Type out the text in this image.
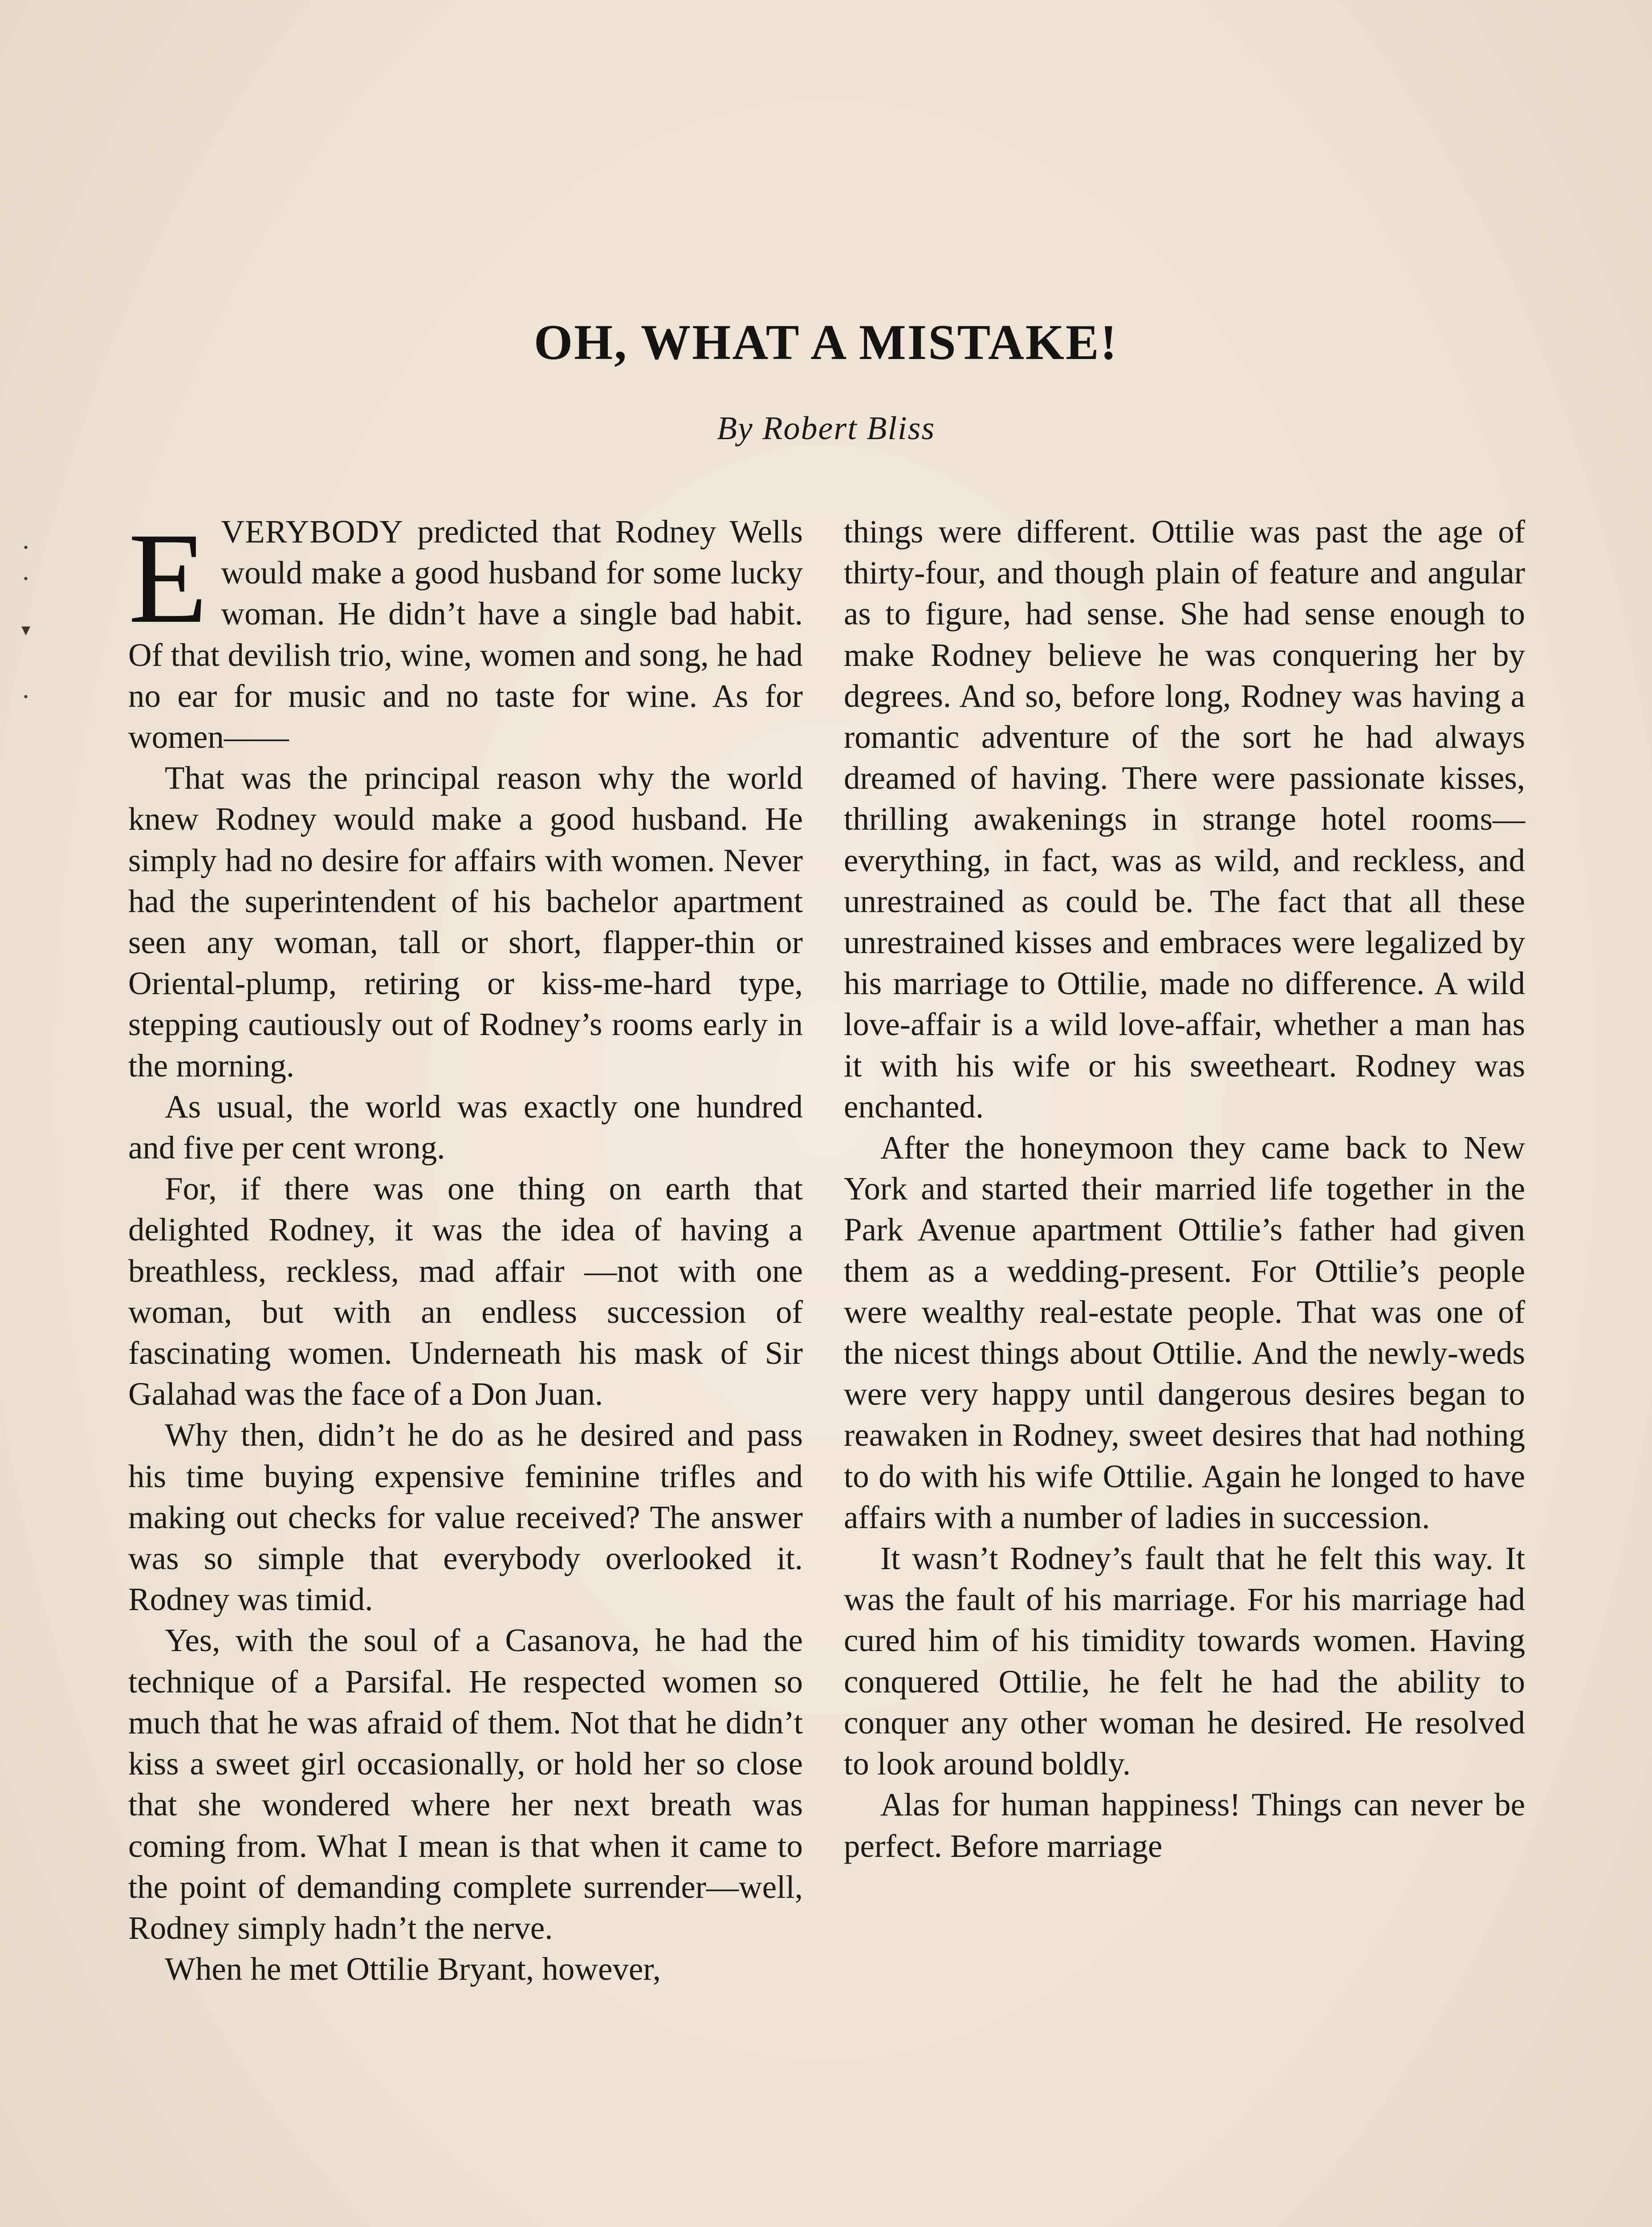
OH, WHAT A MISTAKE!

By Robert Bliss

·
·
▾
·

EVERYBODY predicted that Rodney Wells would make a good husband for some lucky woman. He didn’t have a single bad habit. Of that devilish trio, wine, women and song, he had no ear for music and no taste for wine. As for women——

That was the principal reason why the world knew Rodney would make a good husband. He simply had no desire for affairs with women. Never had the superintendent of his bachelor apartment seen any woman, tall or short, flapper-thin or Oriental-plump, retiring or kiss-me-hard type, stepping cautiously out of Rodney’s rooms early in the morning.

As usual, the world was exactly one hundred and five per cent wrong.

For, if there was one thing on earth that delighted Rodney, it was the idea of having a breathless, reckless, mad affair —not with one woman, but with an endless succession of fascinating women. Underneath his mask of Sir Galahad was the face of a Don Juan.

Why then, didn’t he do as he desired and pass his time buying expensive feminine trifles and making out checks for value received? The answer was so simple that everybody overlooked it. Rodney was timid.

Yes, with the soul of a Casanova, he had the technique of a Parsifal. He respected women so much that he was afraid of them. Not that he didn’t kiss a sweet girl occasionally, or hold her so close that she wondered where her next breath was coming from. What I mean is that when it came to the point of demanding complete surrender—well, Rodney simply hadn’t the nerve.

When he met Ottilie Bryant, however,

things were different. Ottilie was past the age of thirty-four, and though plain of feature and angular as to figure, had sense. She had sense enough to make Rodney believe he was conquering her by degrees. And so, before long, Rodney was having a romantic adventure of the sort he had always dreamed of having. There were passionate kisses, thrilling awakenings in strange hotel rooms—everything, in fact, was as wild, and reckless, and unrestrained as could be. The fact that all these unrestrained kisses and embraces were legalized by his marriage to Ottilie, made no difference. A wild love-affair is a wild love-affair, whether a man has it with his wife or his sweetheart. Rodney was enchanted.

After the honeymoon they came back to New York and started their married life together in the Park Avenue apartment Ottilie’s father had given them as a wedding-present. For Ottilie’s people were wealthy real-estate people. That was one of the nicest things about Ottilie. And the newly-weds were very happy until dangerous desires began to reawaken in Rodney, sweet desires that had nothing to do with his wife Ottilie. Again he longed to have affairs with a number of ladies in succession.

It wasn’t Rodney’s fault that he felt this way. It was the fault of his marriage. For his marriage had cured him of his timidity towards women. Having conquered Ottilie, he felt he had the ability to conquer any other woman he desired. He resolved to look around boldly.

Alas for human happiness! Things can never be perfect. Before marriage
